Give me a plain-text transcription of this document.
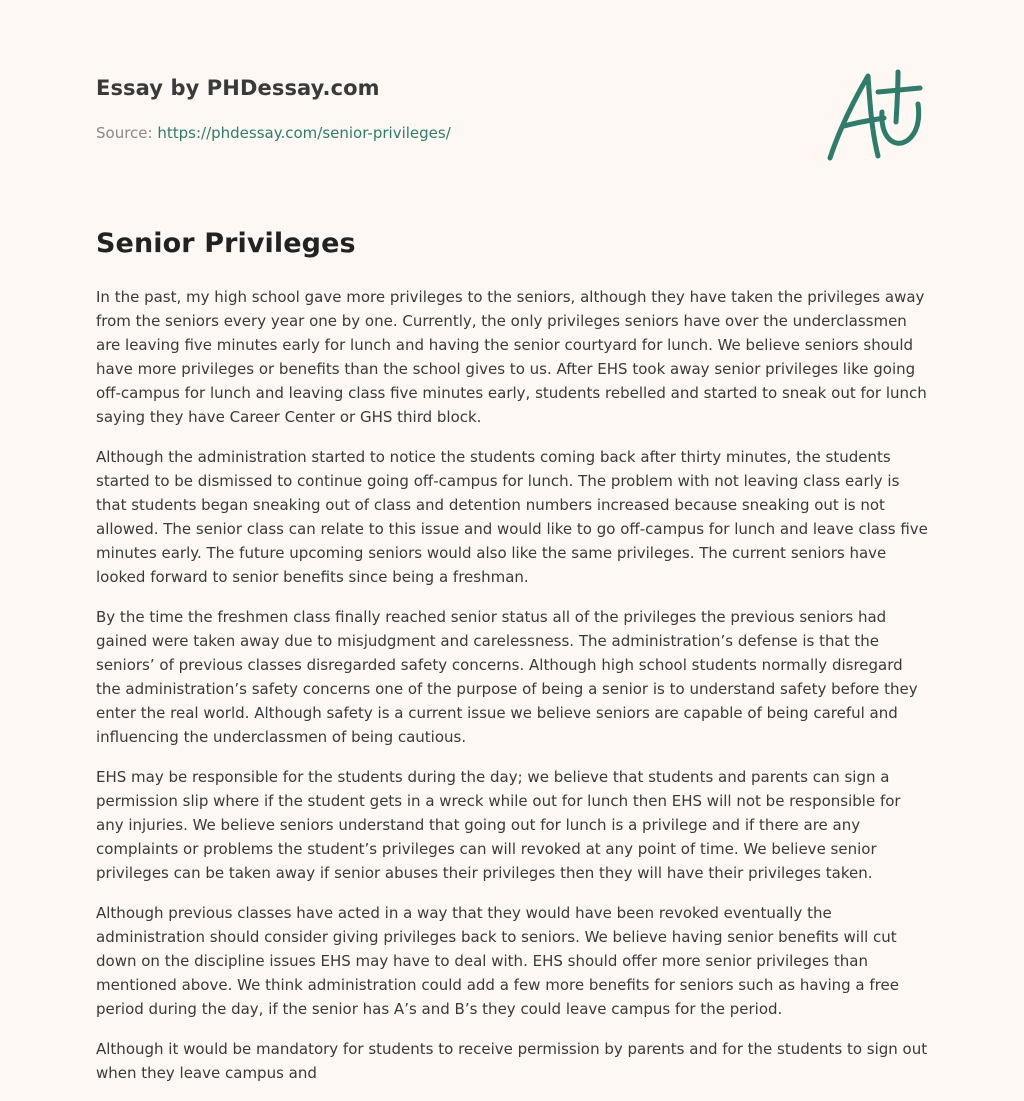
Essay by PHDessay.com
Source: https://phdessay.com/senior-privileges/
Senior Privileges

In the past, my high school gave more privileges to the seniors, although they have taken the privileges away from the seniors every year one by one. Currently, the only privileges seniors have over the underclassmen are leaving five minutes early for lunch and having the senior courtyard for lunch. We believe seniors should have more privileges or benefits than the school gives to us. After EHS took away senior privileges like going off-campus for lunch and leaving class five minutes early, students rebelled and started to sneak out for lunch saying they have Career Center or GHS third block.

Although the administration started to notice the students coming back after thirty minutes, the students started to be dismissed to continue going off-campus for lunch. The problem with not leaving class early is that students began sneaking out of class and detention numbers increased because sneaking out is not allowed. The senior class can relate to this issue and would like to go off-campus for lunch and leave class five minutes early. The future upcoming seniors would also like the same privileges. The current seniors have looked forward to senior benefits since being a freshman.

By the time the freshmen class finally reached senior status all of the privileges the previous seniors had gained were taken away due to misjudgment and carelessness. The administration’s defense is that the seniors’ of previous classes disregarded safety concerns. Although high school students normally disregard the administration’s safety concerns one of the purpose of being a senior is to understand safety before they enter the real world. Although safety is a current issue we believe seniors are capable of being careful and influencing the underclassmen of being cautious.

EHS may be responsible for the students during the day; we believe that students and parents can sign a permission slip where if the student gets in a wreck while out for lunch then EHS will not be responsible for any injuries. We believe seniors understand that going out for lunch is a privilege and if there are any complaints or problems the student’s privileges can will revoked at any point of time. We believe senior privileges can be taken away if senior abuses their privileges then they will have their privileges taken.

Although previous classes have acted in a way that they would have been revoked eventually the administration should consider giving privileges back to seniors. We believe having senior benefits will cut down on the discipline issues EHS may have to deal with. EHS should offer more senior privileges than mentioned above. We think administration could add a few more benefits for seniors such as having a free period during the day, if the senior has A’s and B’s they could leave campus for the period.

Although it would be mandatory for students to receive permission by parents and for the students to sign out when they leave campus and
